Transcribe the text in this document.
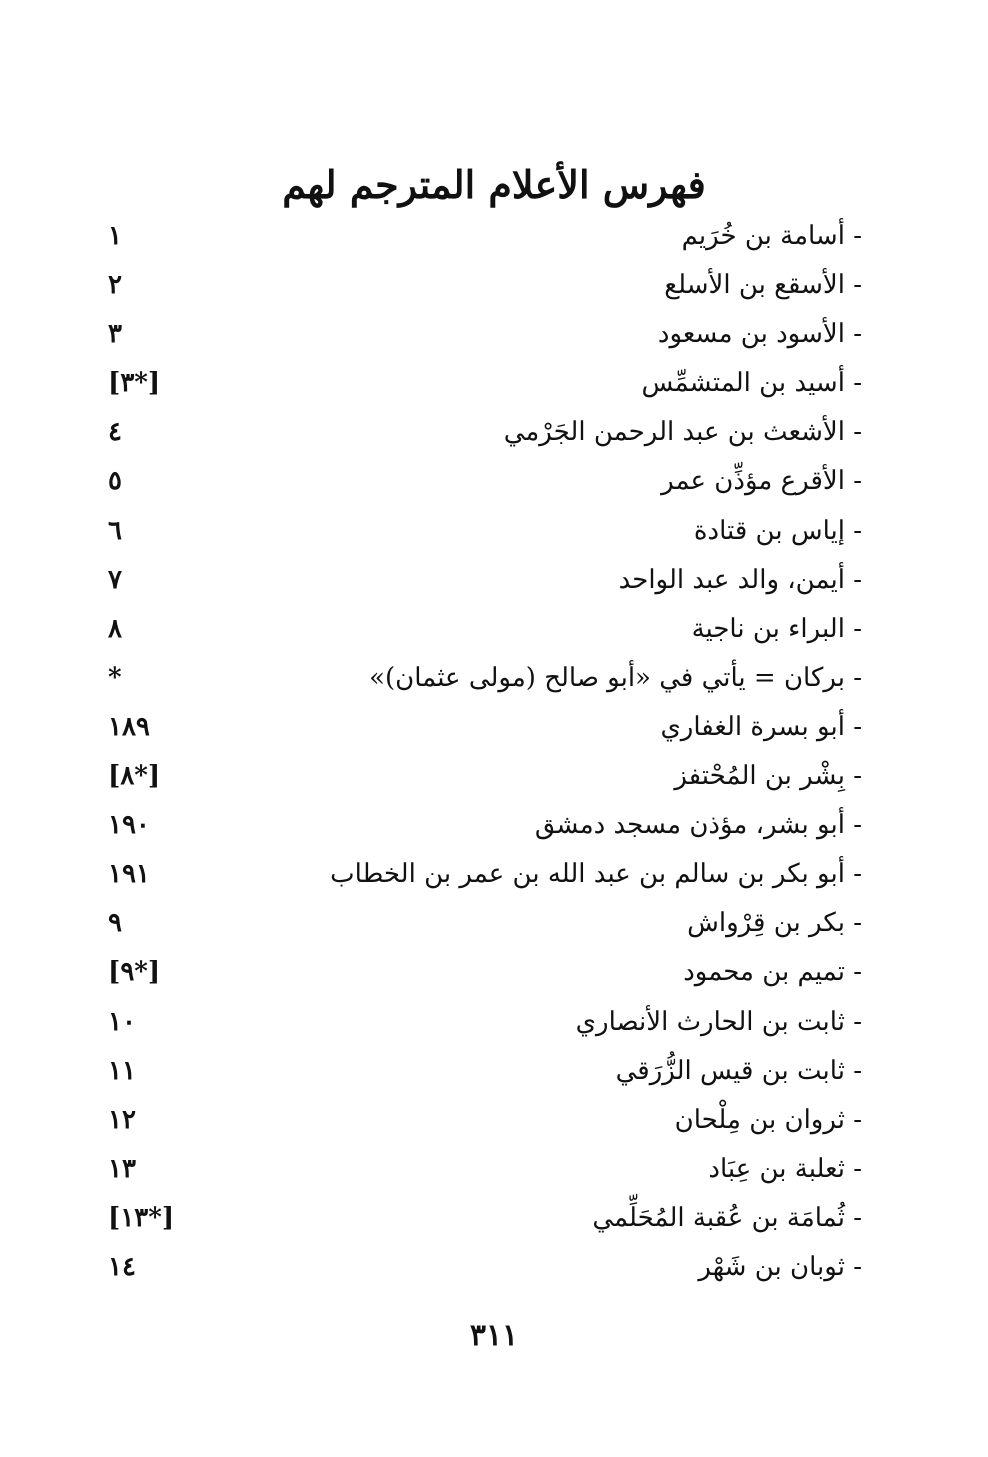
فهرس الأعلام المترجم لهم
- أسامة بن خُرَيم
١
- الأسقع بن الأسلع
٢
- الأسود بن مسعود
٣
- أسيد بن المتشمِّس
[*٣]
- الأشعث بن عبد الرحمن الجَرْمي
٤
- الأقرع مؤذِّن عمر
٥
- إياس بن قتادة
٦
- أيمن، والد عبد الواحد
٧
- البراء بن ناجية
٨
- بركان = يأتي في «أبو صالح (مولى عثمان)»
*
- أبو بسرة الغفاري
١٨٩
- بِشْر بن المُحْتفز
[*٨]
- أبو بشر، مؤذن مسجد دمشق
١٩٠
- أبو بكر بن سالم بن عبد الله بن عمر بن الخطاب
١٩١
- بكر بن قِرْواش
٩
- تميم بن محمود
[*٩]
- ثابت بن الحارث الأنصاري
١٠
- ثابت بن قيس الزُّرَقي
١١
- ثروان بن مِلْحان
١٢
- ثعلبة بن عِبَاد
١٣
- ثُمامَة بن عُقبة المُحَلِّمي
[*١٣]
- ثوبان بن شَهْر
١٤
٣١١
